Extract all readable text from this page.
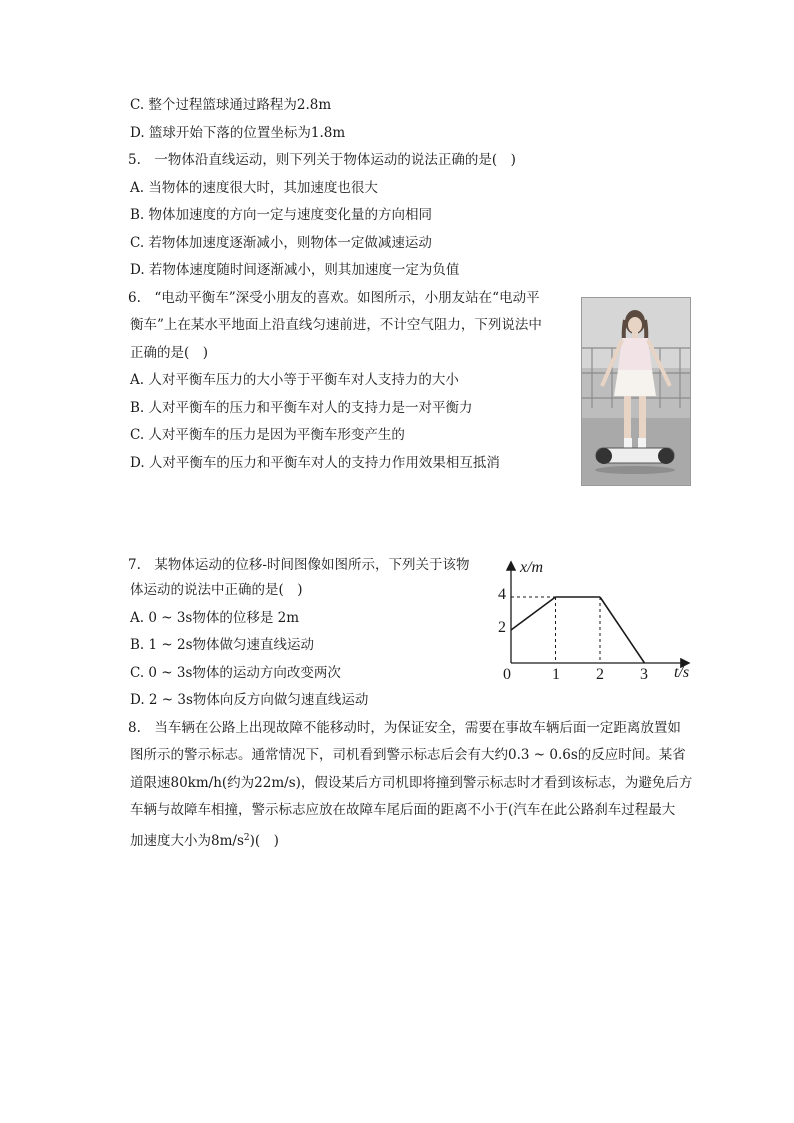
C. 整个过程篮球通过路程为2.8m
D. 篮球开始下落的位置坐标为1.8m
5.　一物体沿直线运动，则下列关于物体运动的说法正确的是(　)
A. 当物体的速度很大时，其加速度也很大
B. 物体加速度的方向一定与速度变化量的方向相同
C. 若物体加速度逐渐减小，则物体一定做减速运动
D. 若物体速度随时间逐渐减小，则其加速度一定为负值
6.　“电动平衡车”深受小朋友的喜欢。如图所示，小朋友站在“电动平
衡车”上在某水平地面上沿直线匀速前进，不计空气阻力，下列说法中
正确的是(　)
A. 人对平衡车压力的大小等于平衡车对人支持力的大小
B. 人对平衡车的压力和平衡车对人的支持力是一对平衡力
C. 人对平衡车的压力是因为平衡车形变产生的
D. 人对平衡车的压力和平衡车对人的支持力作用效果相互抵消
7.　某物体运动的位移-时间图像如图所示，下列关于该物
体运动的说法中正确的是(　)
A. 0 ~ 3s物体的位移是 2m
B. 1 ~ 2s物体做匀速直线运动
C. 0 ~ 3s物体的运动方向改变两次
D. 2 ~ 3s物体向反方向做匀速直线运动
x/m
t/s
4
2
0	1 2 3
8.　当车辆在公路上出现故障不能移动时，为保证安全，需要在事故车辆后面一定距离放置如
图所示的警示标志。通常情况下，司机看到警示标志后会有大约0.3 ~ 0.6s的反应时间。某省
道限速80km/h(约为22m/s)，假设某后方司机即将撞到警示标志时才看到该标志，为避免后方
车辆与故障车相撞，警示标志应放在故障车尾后面的距离不小于(汽车在此公路刹车过程最大
加速度大小为$8m/s^2$)(　)
